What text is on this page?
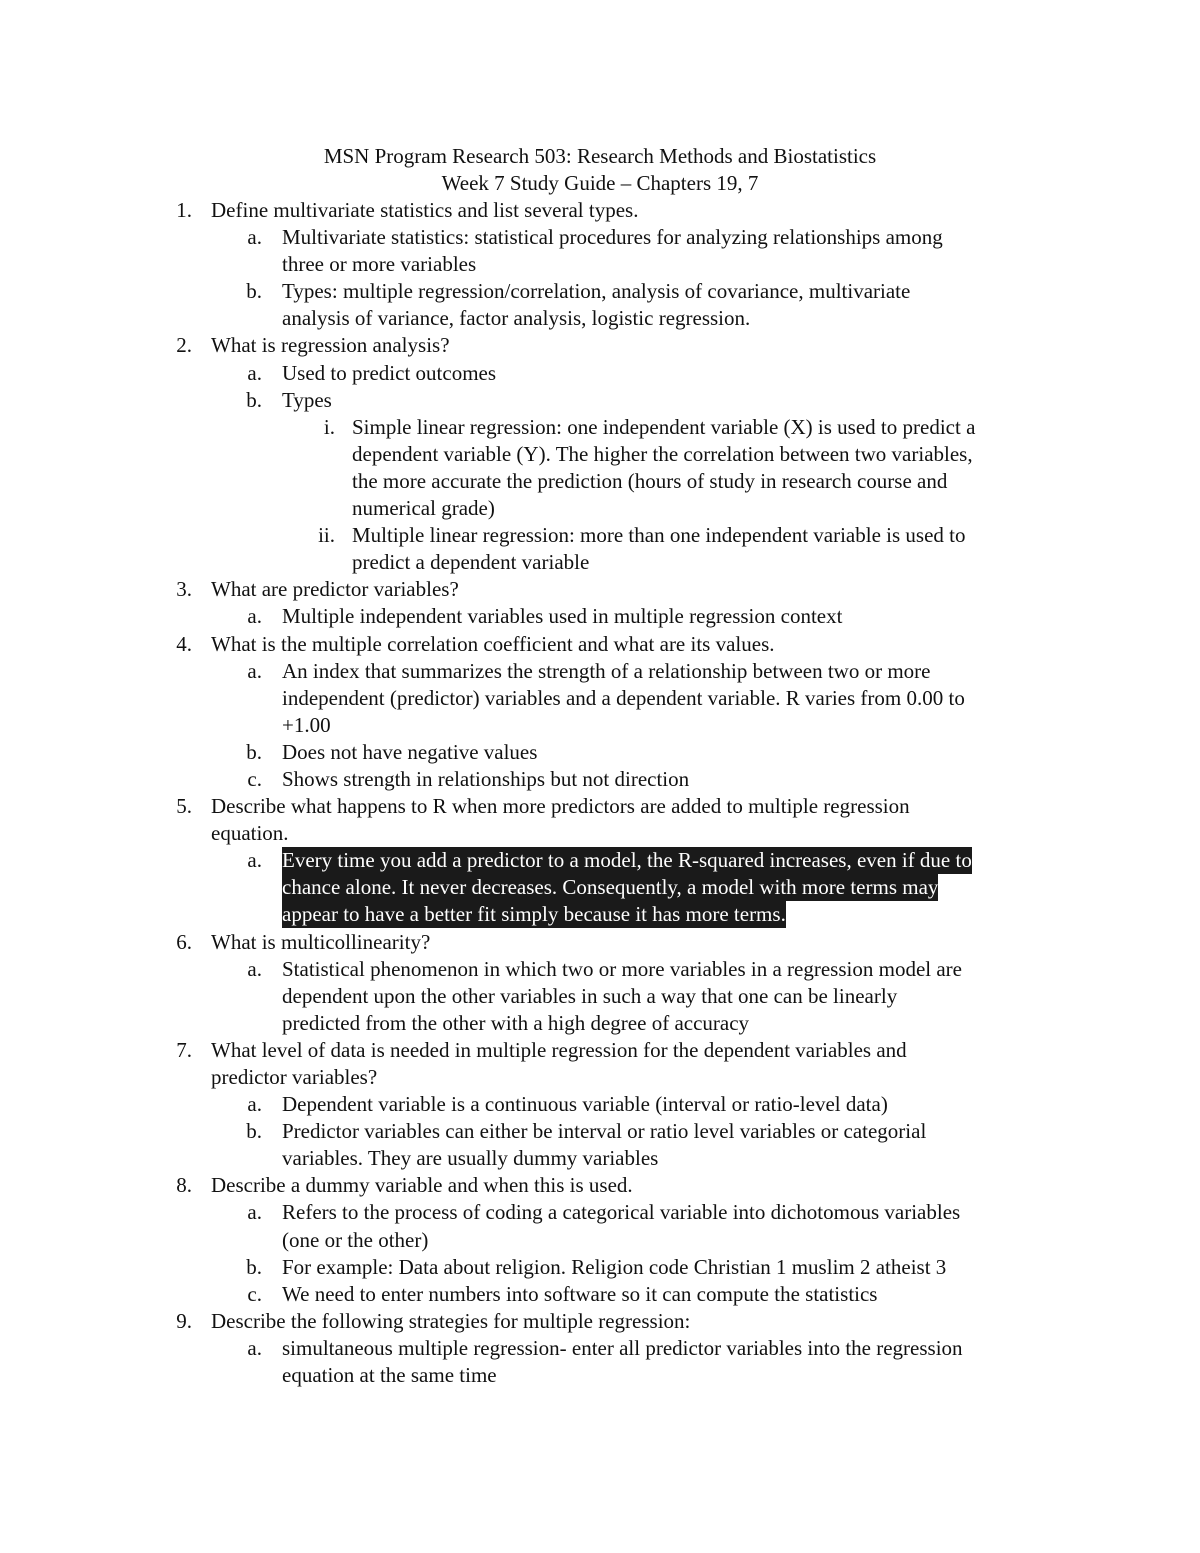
MSN Program Research 503: Research Methods and Biostatistics
Week 7 Study Guide – Chapters 19, 7
1. Define multivariate statistics and list several types.
a. Multivariate statistics: statistical procedures for analyzing relationships among
three or more variables
b. Types: multiple regression/correlation, analysis of covariance, multivariate
analysis of variance, factor analysis, logistic regression.
2. What is regression analysis?
a. Used to predict outcomes
b. Types
i. Simple linear regression: one independent variable (X) is used to predict a
dependent variable (Y). The higher the correlation between two variables,
the more accurate the prediction (hours of study in research course and
numerical grade)
ii. Multiple linear regression: more than one independent variable is used to
predict a dependent variable
3. What are predictor variables?
a. Multiple independent variables used in multiple regression context
4. What is the multiple correlation coefficient and what are its values.
a. An index that summarizes the strength of a relationship between two or more
independent (predictor) variables and a dependent variable. R varies from 0.00 to
+1.00
b. Does not have negative values
c. Shows strength in relationships but not direction
5. Describe what happens to R when more predictors are added to multiple regression
equation.
a. Every time you add a predictor to a model, the R-squared increases, even if due to
chance alone. It never decreases. Consequently, a model with more terms may
appear to have a better fit simply because it has more terms.
6. What is multicollinearity?
a. Statistical phenomenon in which two or more variables in a regression model are
dependent upon the other variables in such a way that one can be linearly
predicted from the other with a high degree of accuracy
7. What level of data is needed in multiple regression for the dependent variables and
predictor variables?
a. Dependent variable is a continuous variable (interval or ratio-level data)
b. Predictor variables can either be interval or ratio level variables or categorial
variables. They are usually dummy variables
8. Describe a dummy variable and when this is used.
a. Refers to the process of coding a categorical variable into dichotomous variables
(one or the other)
b. For example: Data about religion. Religion code Christian 1 muslim 2 atheist 3
c. We need to enter numbers into software so it can compute the statistics
9. Describe the following strategies for multiple regression:
a. simultaneous multiple regression- enter all predictor variables into the regression
equation at the same time
